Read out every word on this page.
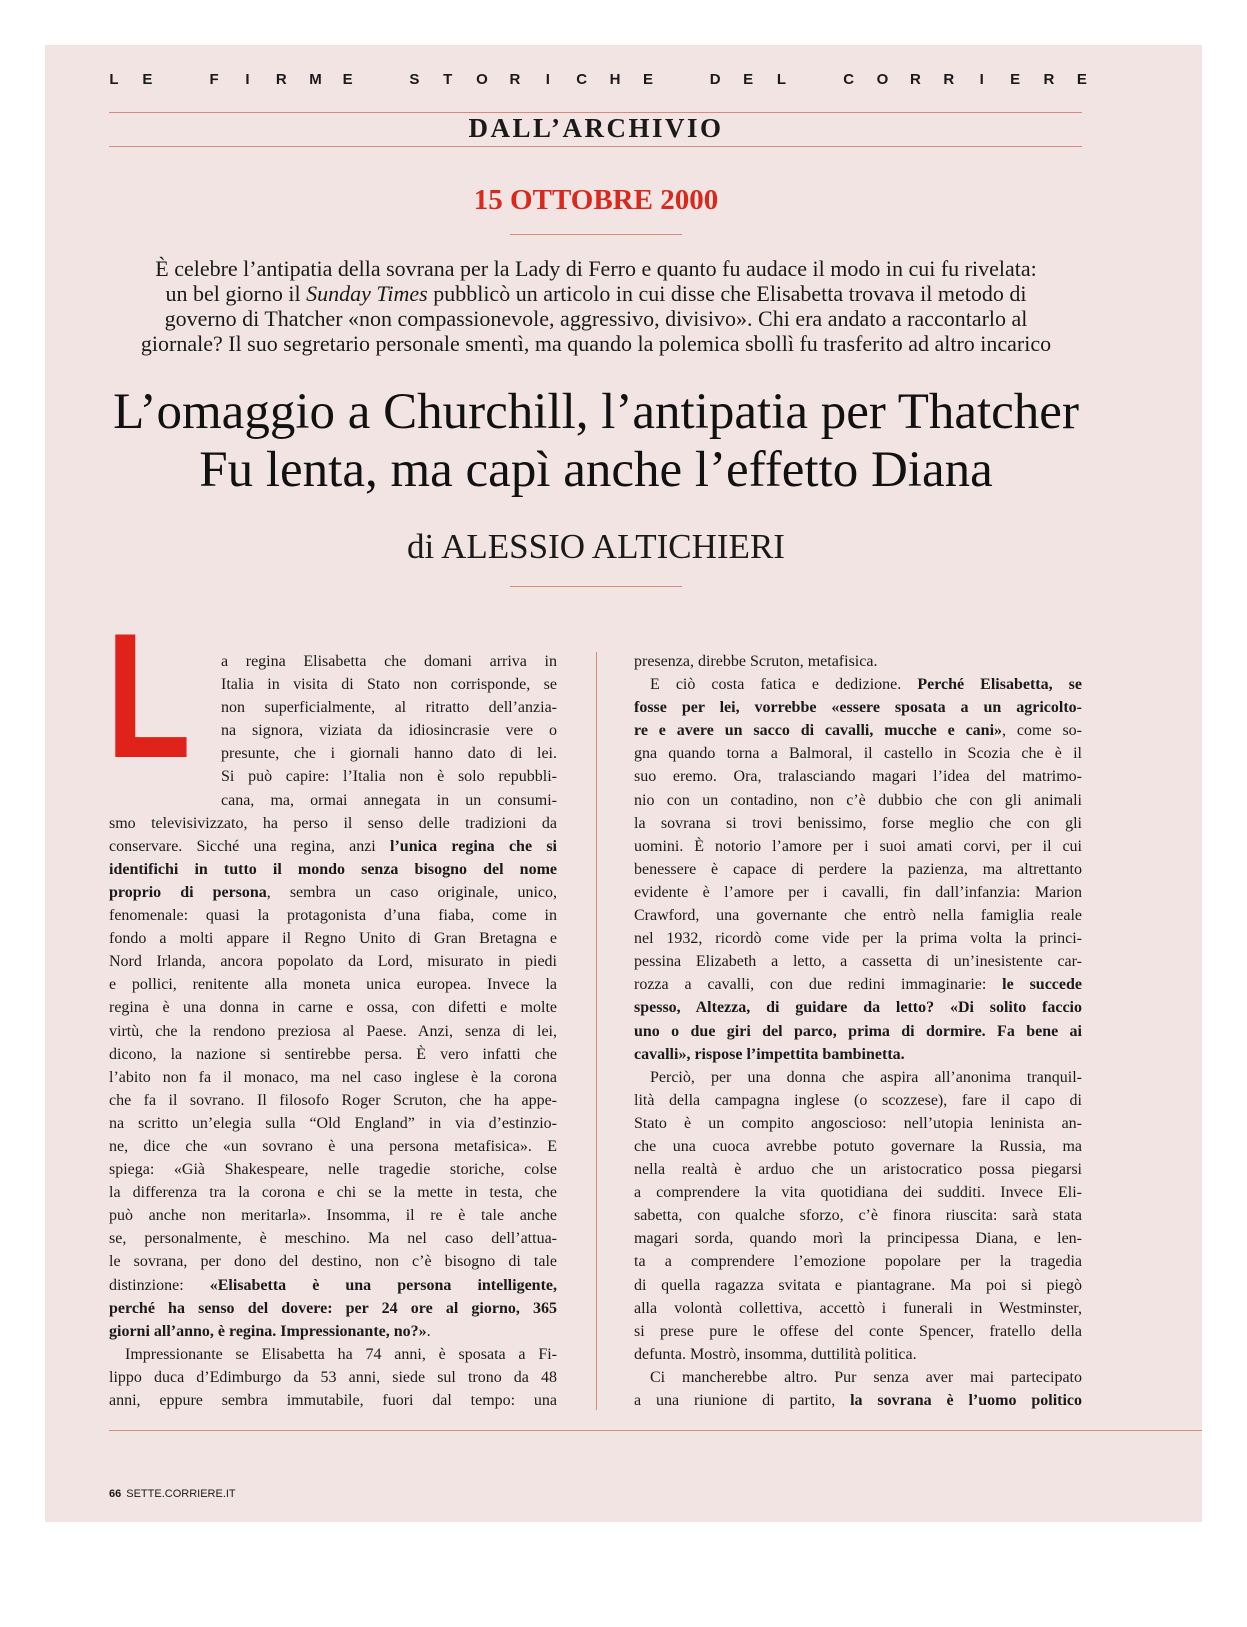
L E
	F I R M E
	S T O R I C H E
	D E L
	C O R R I E R E
DALL’ARCHIVIO
15 OTTOBRE 2000
È celebre l’antipatia della sovrana per la Lady di Ferro e quanto fu audace il modo in cui fu rivelata:
un bel giorno il Sunday Times pubblicò un articolo in cui disse che Elisabetta trovava il metodo di
governo di Thatcher «non compassionevole, aggressivo, divisivo». Chi era andato a raccontarlo al
giornale? Il suo segretario personale smentì, ma quando la polemica sbollì fu trasferito ad altro incarico
L’omaggio a Churchill, l’antipatia per Thatcher
Fu lenta, ma capì anche l’effetto Diana
di ALESSIO ALTICHIERI
L	a regina Elisabetta che domani arriva in
Italia in visita di Stato non corrisponde, se
non superficialmente, al ritratto dell’anzia-
na signora, viziata da idiosincrasie vere o
presunte, che i giornali hanno dato di lei.
Si può capire: l’Italia non è solo repubbli-
cana, ma, ormai annegata in un consumi-
smo televisivizzato, ha perso il senso delle tradizioni da
conservare. Sicché una regina, anzi l’unica regina che si
identifichi in tutto il mondo senza bisogno del nome
proprio di persona, sembra un caso originale, unico,
fenomenale: quasi la protagonista d’una fiaba, come in
fondo a molti appare il Regno Unito di Gran Bretagna e
Nord Irlanda, ancora popolato da Lord, misurato in piedi
e pollici, renitente alla moneta unica europea. Invece la
regina è una donna in carne e ossa, con difetti e molte
virtù, che la rendono preziosa al Paese. Anzi, senza di lei,
dicono, la nazione si sentirebbe persa. È vero infatti che
l’abito non fa il monaco, ma nel caso inglese è la corona
che fa il sovrano. Il filosofo Roger Scruton, che ha appe-
na scritto un’elegia sulla “Old England” in via d’estinzio-
ne, dice che «un sovrano è una persona metafisica». E
spiega: «Già Shakespeare, nelle tragedie storiche, colse
la differenza tra la corona e chi se la mette in testa, che
può anche non meritarla». Insomma, il re è tale anche
se, personalmente, è meschino. Ma nel caso dell’attua-
le sovrana, per dono del destino, non c’è bisogno di tale
distinzione: «Elisabetta è una persona intelligente,
perché ha senso del dovere: per 24 ore al giorno, 365
giorni all’anno, è regina. Impressionante, no?».
Impressionante se Elisabetta ha 74 anni, è sposata a Fi-
lippo duca d’Edimburgo da 53 anni, siede sul trono da 48
anni, eppure sembra immutabile, fuori dal tempo: una
presenza, direbbe Scruton, metafisica.
E ciò costa fatica e dedizione. Perché Elisabetta, se
fosse per lei, vorrebbe «essere sposata a un agricolto-
re e avere un sacco di cavalli, mucche e cani», come so-
gna quando torna a Balmoral, il castello in Scozia che è il
suo eremo. Ora, tralasciando magari l’idea del matrimo-
nio con un contadino, non c’è dubbio che con gli animali
la sovrana si trovi benissimo, forse meglio che con gli
uomini. È notorio l’amore per i suoi amati corvi, per il cui
benessere è capace di perdere la pazienza, ma altrettanto
evidente è l’amore per i cavalli, fin dall’infanzia: Marion
Crawford, una governante che entrò nella famiglia reale
nel 1932, ricordò come vide per la prima volta la princi-
pessina Elizabeth a letto, a cassetta di un’inesistente car-
rozza a cavalli, con due redini immaginarie: le succede
spesso, Altezza, di guidare da letto? «Di solito faccio
uno o due giri del parco, prima di dormire. Fa bene ai
cavalli», rispose l’impettita bambinetta.
Perciò, per una donna che aspira all’anonima tranquil-
lità della campagna inglese (o scozzese), fare il capo di
Stato è un compito angoscioso: nell’utopia leninista an-
che una cuoca avrebbe potuto governare la Russia, ma
nella realtà è arduo che un aristocratico possa piegarsi
a comprendere la vita quotidiana dei sudditi. Invece Eli-
sabetta, con qualche sforzo, c’è finora riuscita: sarà stata
magari sorda, quando morì la principessa Diana, e len-
ta a comprendere l’emozione popolare per la tragedia
di quella ragazza svitata e piantagrane. Ma poi si piegò
alla volontà collettiva, accettò i funerali in Westminster,
si prese pure le offese del conte Spencer, fratello della
defunta. Mostrò, insomma, duttilità politica.
Ci mancherebbe altro. Pur senza aver mai partecipato
a una riunione di partito, la sovrana è l’uomo politico
66 SETTE.CORRIERE.IT
